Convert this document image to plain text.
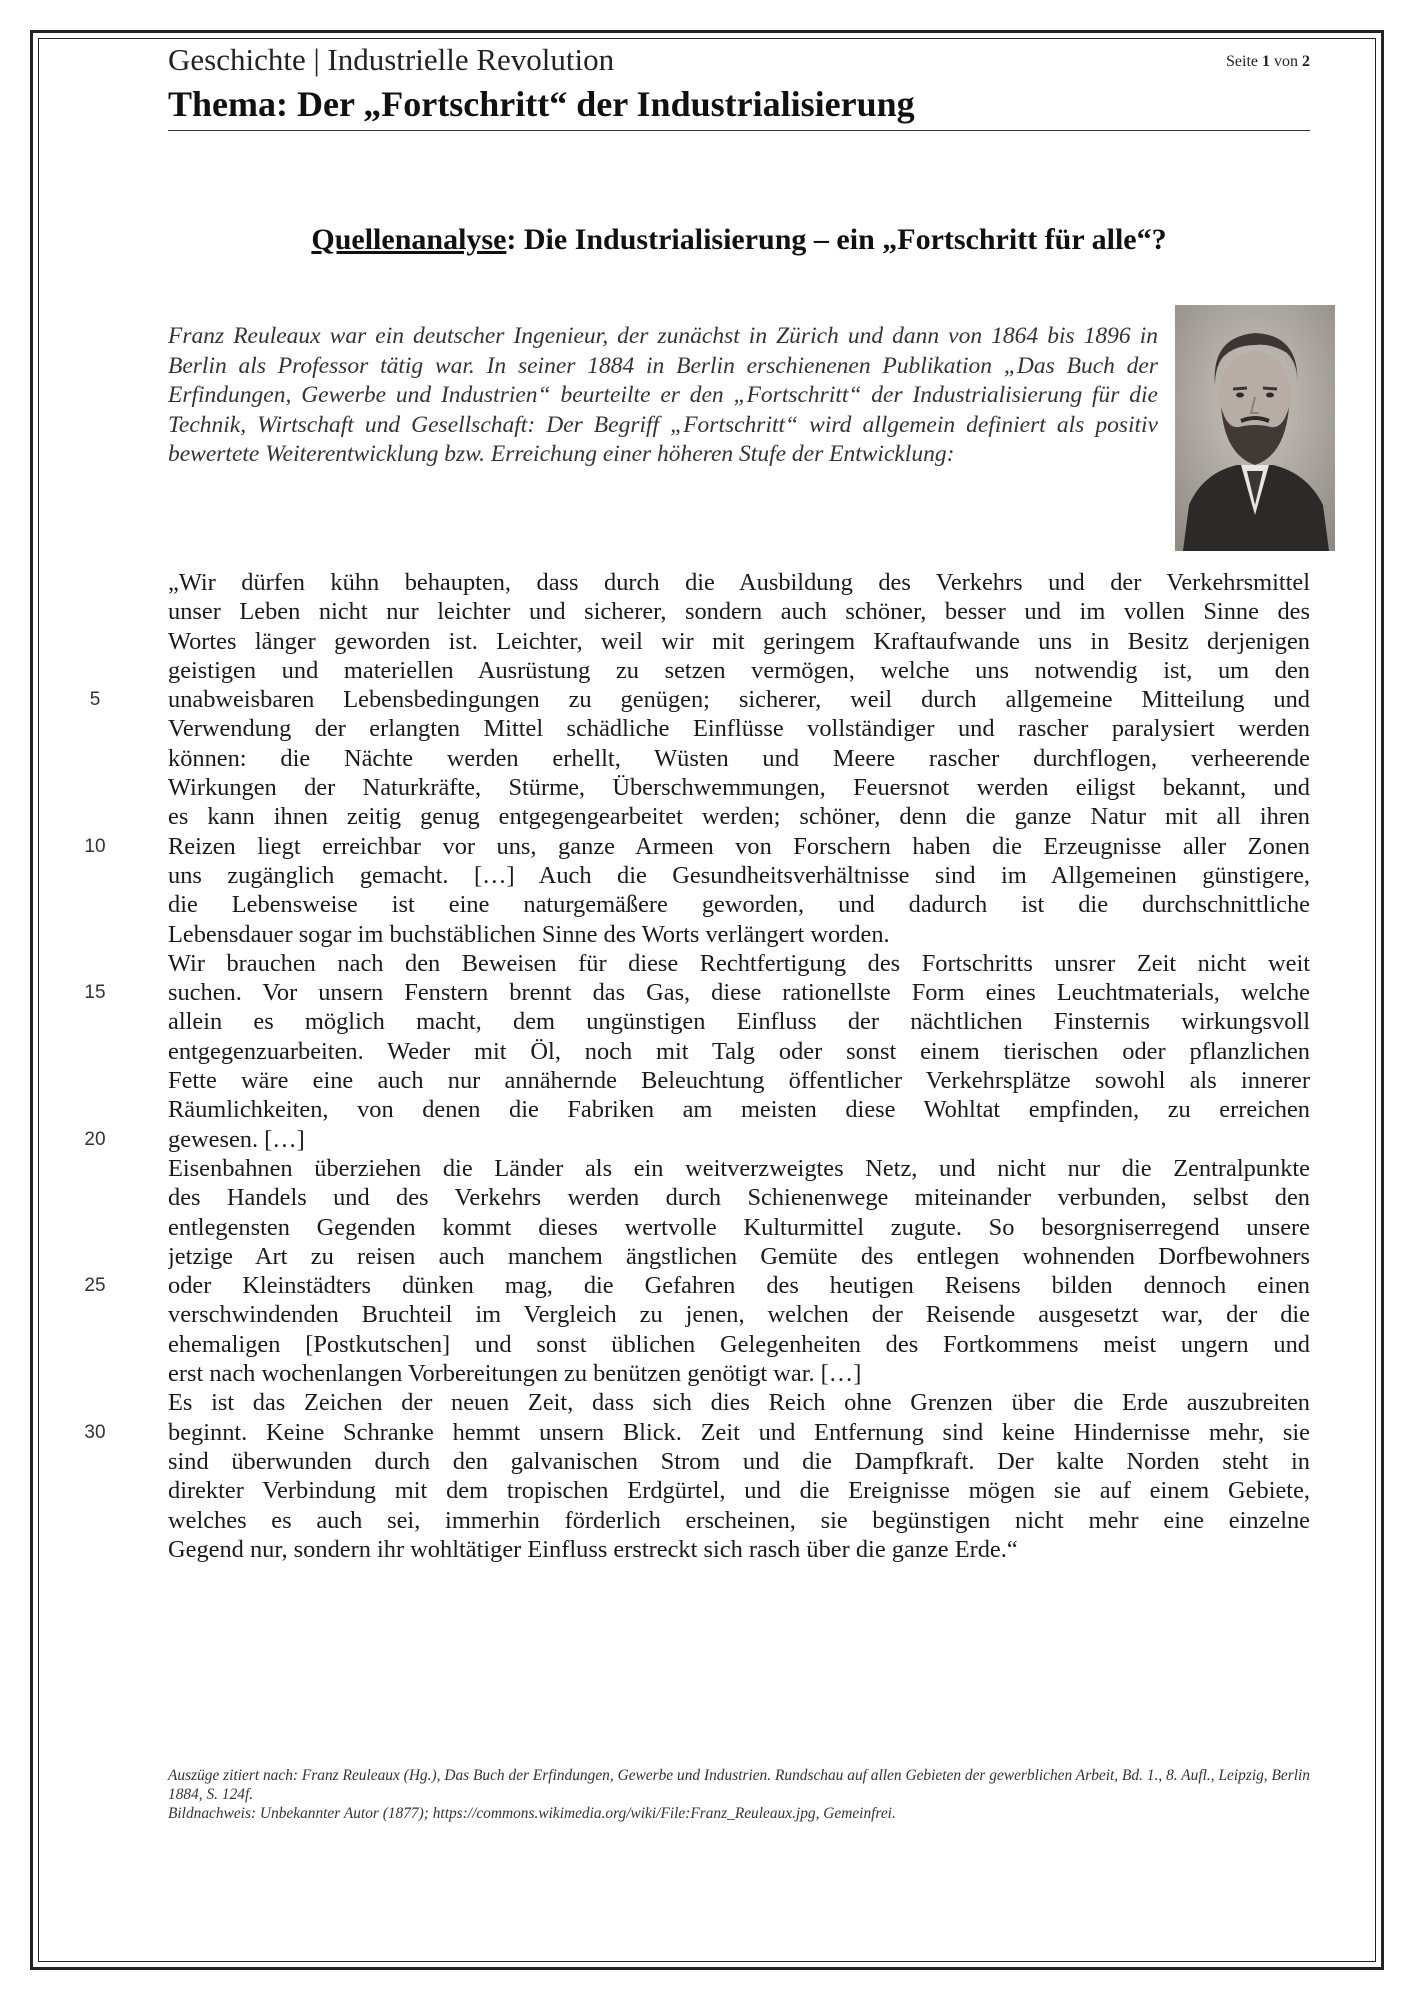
Geschichte | Industrielle Revolution	Seite 1 von 2
Thema: Der „Fortschritt“ der Industrialisierung
Quellenanalyse: Die Industrialisierung – ein „Fortschritt für alle“?
Franz Reuleaux war ein deutscher Ingenieur, der zunächst in Zürich und dann von 1864 bis 1896 in Berlin als Professor tätig war. In seiner 1884 in Berlin erschienenen Publikation „Das Buch der Erfindungen, Gewerbe und Industrien“ beurteilte er den „Fortschritt“ der Industrialisierung für die Technik, Wirtschaft und Gesellschaft: Der Begriff „Fortschritt“ wird allgemein definiert als positiv bewertete Weiterentwicklung bzw. Erreichung einer höheren Stufe der Entwicklung:
„Wir dürfen kühn behaupten, dass durch die Ausbildung des Verkehrs und der Verkehrsmittel
unser Leben nicht nur leichter und sicherer, sondern auch schöner, besser und im vollen Sinne des
Wortes länger geworden ist. Leichter, weil wir mit geringem Kraftaufwande uns in Besitz derjenigen
geistigen und materiellen Ausrüstung zu setzen vermögen, welche uns notwendig ist, um den
unabweisbaren Lebensbedingungen zu genügen; sicherer, weil durch allgemeine Mitteilung und
Verwendung der erlangten Mittel schädliche Einflüsse vollständiger und rascher paralysiert werden
können: die Nächte werden erhellt, Wüsten und Meere rascher durchflogen, verheerende
Wirkungen der Naturkräfte, Stürme, Überschwemmungen, Feuersnot werden eiligst bekannt, und
es kann ihnen zeitig genug entgegengearbeitet werden; schöner, denn die ganze Natur mit all ihren
Reizen liegt erreichbar vor uns, ganze Armeen von Forschern haben die Erzeugnisse aller Zonen
uns zugänglich gemacht. […] Auch die Gesundheitsverhältnisse sind im Allgemeinen günstigere,
die Lebensweise ist eine naturgemäßere geworden, und dadurch ist die durchschnittliche
Lebensdauer sogar im buchstäblichen Sinne des Worts verlängert worden.
Wir brauchen nach den Beweisen für diese Rechtfertigung des Fortschritts unsrer Zeit nicht weit
suchen. Vor unsern Fenstern brennt das Gas, diese rationellste Form eines Leuchtmaterials, welche
allein es möglich macht, dem ungünstigen Einfluss der nächtlichen Finsternis wirkungsvoll
entgegenzuarbeiten. Weder mit Öl, noch mit Talg oder sonst einem tierischen oder pflanzlichen
Fette wäre eine auch nur annähernde Beleuchtung öffentlicher Verkehrsplätze sowohl als innerer
Räumlichkeiten, von denen die Fabriken am meisten diese Wohltat empfinden, zu erreichen
gewesen. […]
Eisenbahnen überziehen die Länder als ein weitverzweigtes Netz, und nicht nur die Zentralpunkte
des Handels und des Verkehrs werden durch Schienenwege miteinander verbunden, selbst den
entlegensten Gegenden kommt dieses wertvolle Kulturmittel zugute. So besorgniserregend unsere
jetzige Art zu reisen auch manchem ängstlichen Gemüte des entlegen wohnenden Dorfbewohners
oder Kleinstädters dünken mag, die Gefahren des heutigen Reisens bilden dennoch einen
verschwindenden Bruchteil im Vergleich zu jenen, welchen der Reisende ausgesetzt war, der die
ehemaligen [Postkutschen] und sonst üblichen Gelegenheiten des Fortkommens meist ungern und
erst nach wochenlangen Vorbereitungen zu benützen genötigt war. […]
Es ist das Zeichen der neuen Zeit, dass sich dies Reich ohne Grenzen über die Erde auszubreiten
beginnt. Keine Schranke hemmt unsern Blick. Zeit und Entfernung sind keine Hindernisse mehr, sie
sind überwunden durch den galvanischen Strom und die Dampfkraft. Der kalte Norden steht in
direkter Verbindung mit dem tropischen Erdgürtel, und die Ereignisse mögen sie auf einem Gebiete,
welches es auch sei, immerhin förderlich erscheinen, sie begünstigen nicht mehr eine einzelne
Gegend nur, sondern ihr wohltätiger Einfluss erstreckt sich rasch über die ganze Erde.“
5
10
15
20
25
30
Auszüge zitiert nach: Franz Reuleaux (Hg.), Das Buch der Erfindungen, Gewerbe und Industrien. Rundschau auf allen Gebieten der gewerblichen Arbeit, Bd. 1., 8. Aufl., Leipzig, Berlin 1884, S. 124f.
Bildnachweis: Unbekannter Autor (1877); https://commons.wikimedia.org/wiki/File:Franz_Reuleaux.jpg, Gemeinfrei.
